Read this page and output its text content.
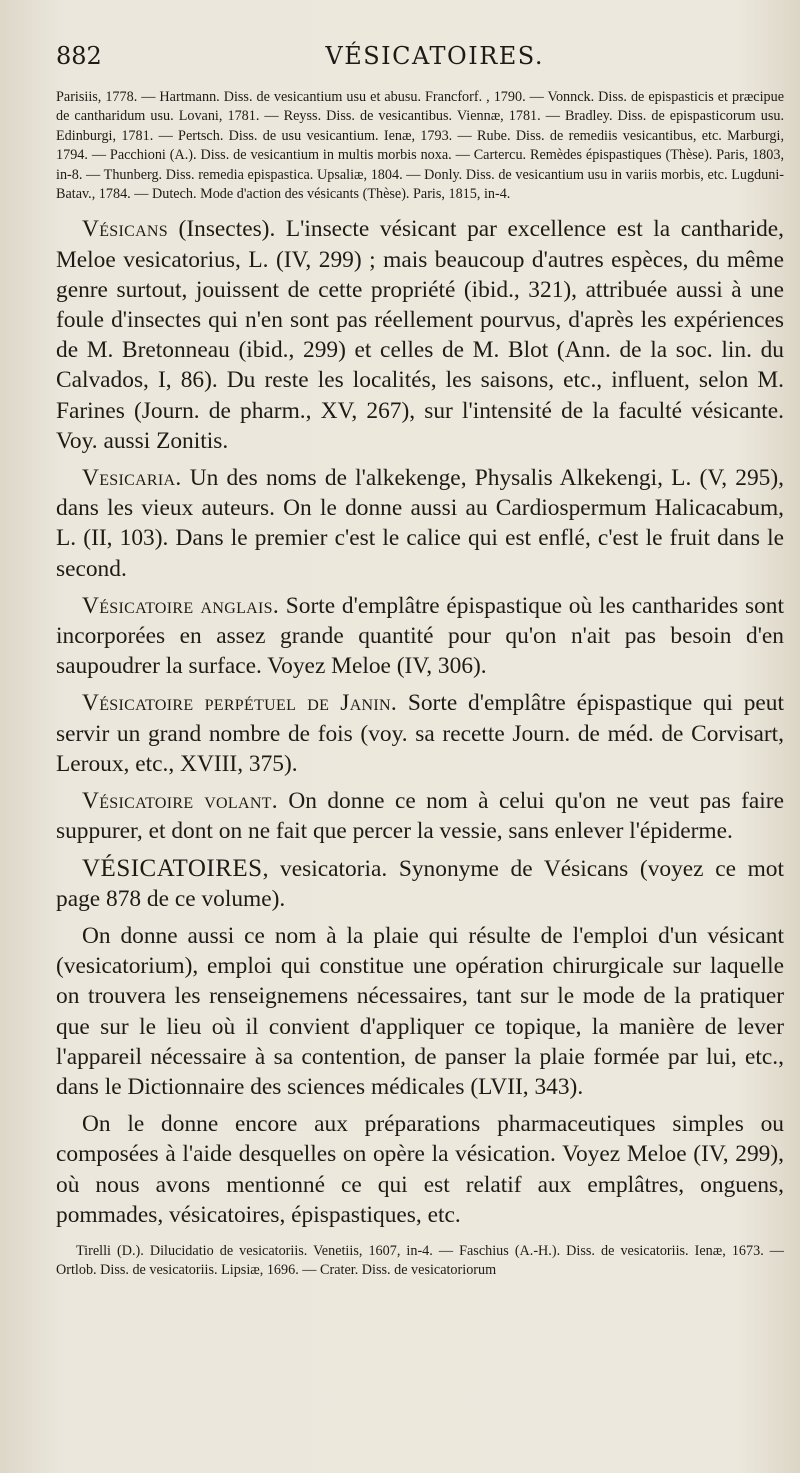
882	VÉSICATOIRES.

Parisiis, 1778. — Hartmann. Diss. de vesicantium usu et abusu. Francforf. , 1790. — Vonnck. Diss. de epispasticis et præcipue de cantharidum usu. Lovani, 1781. — Reyss. Diss. de vesicantibus. Viennæ, 1781. — Bradley. Diss. de epispasticorum usu. Edinburgi, 1781. — Pertsch. Diss. de usu vesicantium. Ienæ, 1793. — Rube. Diss. de remediis vesicantibus, etc. Marburgi, 1794. — Pacchioni (A.). Diss. de vesicantium in multis morbis noxa. — Cartercu. Remèdes épispastiques (Thèse). Paris, 1803, in-8. — Thunberg. Diss. remedia epispastica. Upsaliæ, 1804. — Donly. Diss. de vesicantium usu in variis morbis, etc. Lugduni-Batav., 1784. — Dutech. Mode d'action des vésicants (Thèse). Paris, 1815, in-4.

Vésicans (Insectes). L'insecte vésicant par excellence est la cantharide, Meloe vesicatorius, L. (IV, 299) ; mais beaucoup d'autres espèces, du même genre surtout, jouissent de cette propriété (ibid., 321), attribuée aussi à une foule d'insectes qui n'en sont pas réellement pourvus, d'après les expériences de M. Bretonneau (ibid., 299) et celles de M. Blot (Ann. de la soc. lin. du Calvados, I, 86). Du reste les localités, les saisons, etc., influent, selon M. Farines (Journ. de pharm., XV, 267), sur l'intensité de la faculté vésicante. Voy. aussi Zonitis.

Vesicaria. Un des noms de l'alkekenge, Physalis Alkekengi, L. (V, 295), dans les vieux auteurs. On le donne aussi au Cardiospermum Halicacabum, L. (II, 103). Dans le premier c'est le calice qui est enflé, c'est le fruit dans le second.

Vésicatoire anglais. Sorte d'emplâtre épispastique où les cantharides sont incorporées en assez grande quantité pour qu'on n'ait pas besoin d'en saupoudrer la surface. Voyez Meloe (IV, 306).

Vésicatoire perpétuel de Janin. Sorte d'emplâtre épispastique qui peut servir un grand nombre de fois (voy. sa recette Journ. de méd. de Corvisart, Leroux, etc., XVIII, 375).

Vésicatoire volant. On donne ce nom à celui qu'on ne veut pas faire suppurer, et dont on ne fait que percer la vessie, sans enlever l'épiderme.

VÉSICATOIRES, vesicatoria. Synonyme de Vésicans (voyez ce mot page 878 de ce volume).

On donne aussi ce nom à la plaie qui résulte de l'emploi d'un vésicant (vesicatorium), emploi qui constitue une opération chirurgicale sur laquelle on trouvera les renseignemens nécessaires, tant sur le mode de la pratiquer que sur le lieu où il convient d'appliquer ce topique, la manière de lever l'appareil nécessaire à sa contention, de panser la plaie formée par lui, etc., dans le Dictionnaire des sciences médicales (LVII, 343).

On le donne encore aux préparations pharmaceutiques simples ou composées à l'aide desquelles on opère la vésication. Voyez Meloe (IV, 299), où nous avons mentionné ce qui est relatif aux emplâtres, onguens, pommades, vésicatoires, épispastiques, etc.

Tirelli (D.). Dilucidatio de vesicatoriis. Venetiis, 1607, in-4. — Faschius (A.-H.). Diss. de vesicatoriis. Ienæ, 1673. — Ortlob. Diss. de vesicatoriis. Lipsiæ, 1696. — Crater. Diss. de vesicatoriorum
